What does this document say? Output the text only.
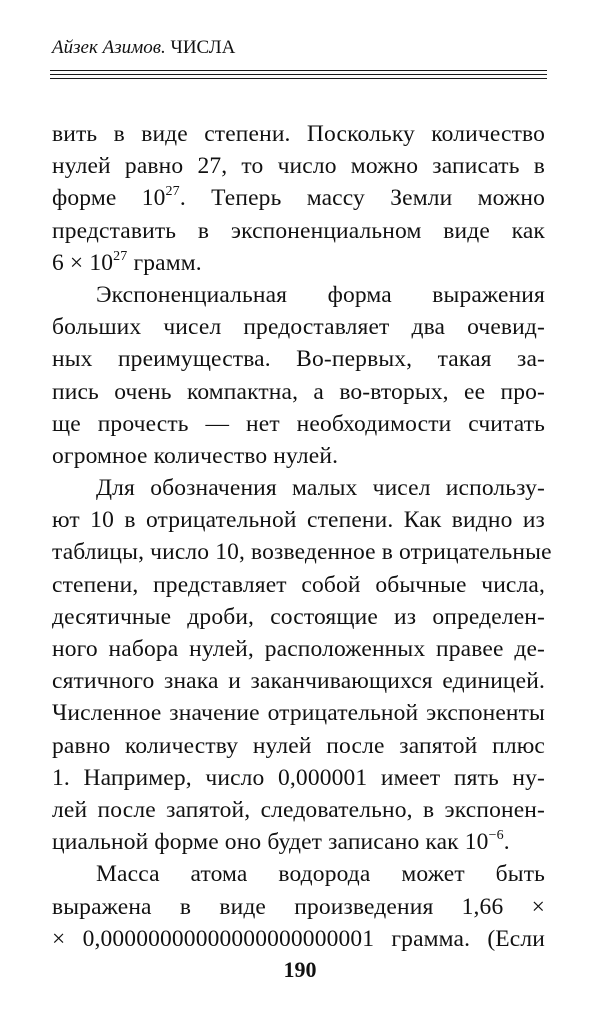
Айзек Азимов. ЧИСЛА
вить в виде степени. Поскольку количество
нулей равно 27, то число можно записать в
форме $10^{27}$. Теперь массу Земли можно
представить в экспоненциальном виде как
$6 \times 10^{27}$ грамм.
Экспоненциальная форма выражения
больших чисел предоставляет два очевид-
ных преимущества. Во-первых, такая за-
пись очень компактна, а во-вторых, ее про-
ще прочесть — нет необходимости считать
огромное количество нулей.
Для обозначения малых чисел использу-
ют 10 в отрицательной степени. Как видно из
таблицы, число 10, возведенное в отрицательные
степени, представляет собой обычные числа,
десятичные дроби, состоящие из определен-
ного набора нулей, расположенных правее де-
сятичного знака и заканчивающихся единицей.
Численное значение отрицательной экспоненты
равно количеству нулей после запятой плюс
1. Например, число 0,000001 имеет пять ну-
лей после запятой, следовательно, в экспонен-
циальной форме оно будет записано как $10^{-6}$.
Масса атома водорода может быть
выражена в виде произведения 1,66 ×
× 0,00000000000000000000001 грамма. (Если
190
